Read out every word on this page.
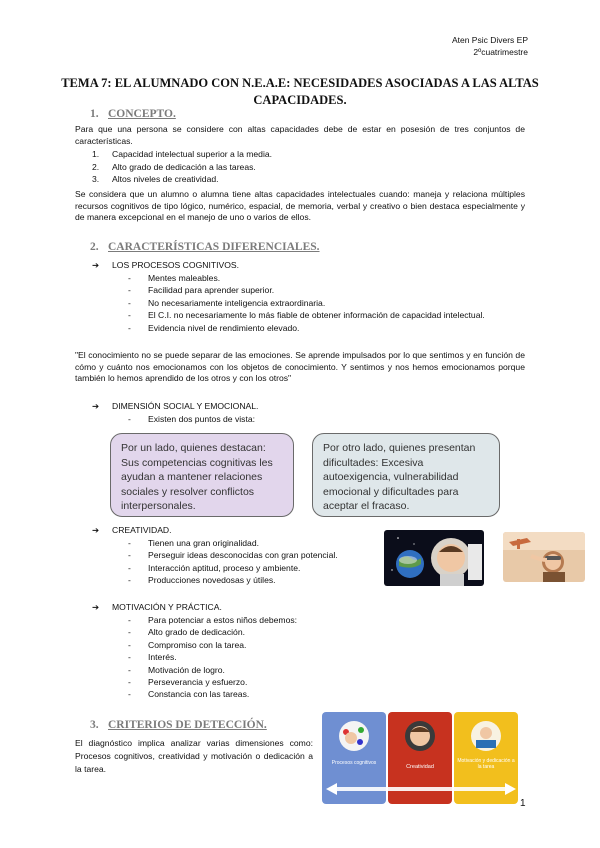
Aten Psic Divers EP
2ºcuatrimestre
TEMA 7: EL ALUMNADO CON N.E.A.E: NECESIDADES ASOCIADAS A LAS ALTAS CAPACIDADES.
1. CONCEPTO.
Para que una persona se considere con altas capacidades debe de estar en posesión de tres conjuntos de características.
1. Capacidad intelectual superior a la media.
2. Alto grado de dedicación a las tareas.
3. Altos niveles de creatividad.
Se considera que un alumno o alumna tiene altas capacidades intelectuales cuando: maneja y relaciona múltiples recursos cognitivos de tipo lógico, numérico, espacial, de memoria, verbal y creativo o bien destaca especialmente y de manera excepcional en el manejo de uno o varios de ellos.
2. CARACTERÍSTICAS DIFERENCIALES.
➔ LOS PROCESOS COGNITIVOS.
-	Mentes maleables.
-	Facilidad para aprender superior.
-	No necesariamente inteligencia extraordinaria.
-	El C.I. no necesariamente lo más fiable de obtener información de capacidad intelectual.
-	Evidencia nivel de rendimiento elevado.
"El conocimiento no se puede separar de las emociones. Se aprende impulsados por lo que sentimos y en función de cómo y cuánto nos emocionamos con los objetos de conocimiento. Y sentimos y nos hemos emocionamos porque también lo hemos aprendido de los otros y con los otros"
➔ DIMENSIÓN SOCIAL Y EMOCIONAL.
-	Existen dos puntos de vista:
Por un lado, quienes destacan: Sus competencias cognitivas les ayudan a mantener relaciones sociales y resolver conflictos interpersonales.
Por otro lado, quienes presentan dificultades: Excesiva autoexigencia, vulnerabilidad emocional y dificultades para aceptar el fracaso.
➔ CREATIVIDAD.
-	Tienen una gran originalidad.
-	Perseguir ideas desconocidas con gran potencial.
-	Interacción aptitud, proceso y ambiente.
-	Producciones novedosas y útiles.
➔ MOTIVACIÓN Y PRÁCTICA.
-	Para potenciar a estos niños debemos:
-	Alto grado de dedicación.
-	Compromiso con la tarea.
-	Interés.
-	Motivación de logro.
-	Perseverancia y esfuerzo.
-	Constancia con las tareas.
3. CRITERIOS DE DETECCIÓN.
El diagnóstico implica analizar varias dimensiones como: Procesos cognitivos, creatividad y motivación o dedicación a la tarea.
Procesos cognitivos
Creatividad
Motivación y dedicación a la tarea
1
